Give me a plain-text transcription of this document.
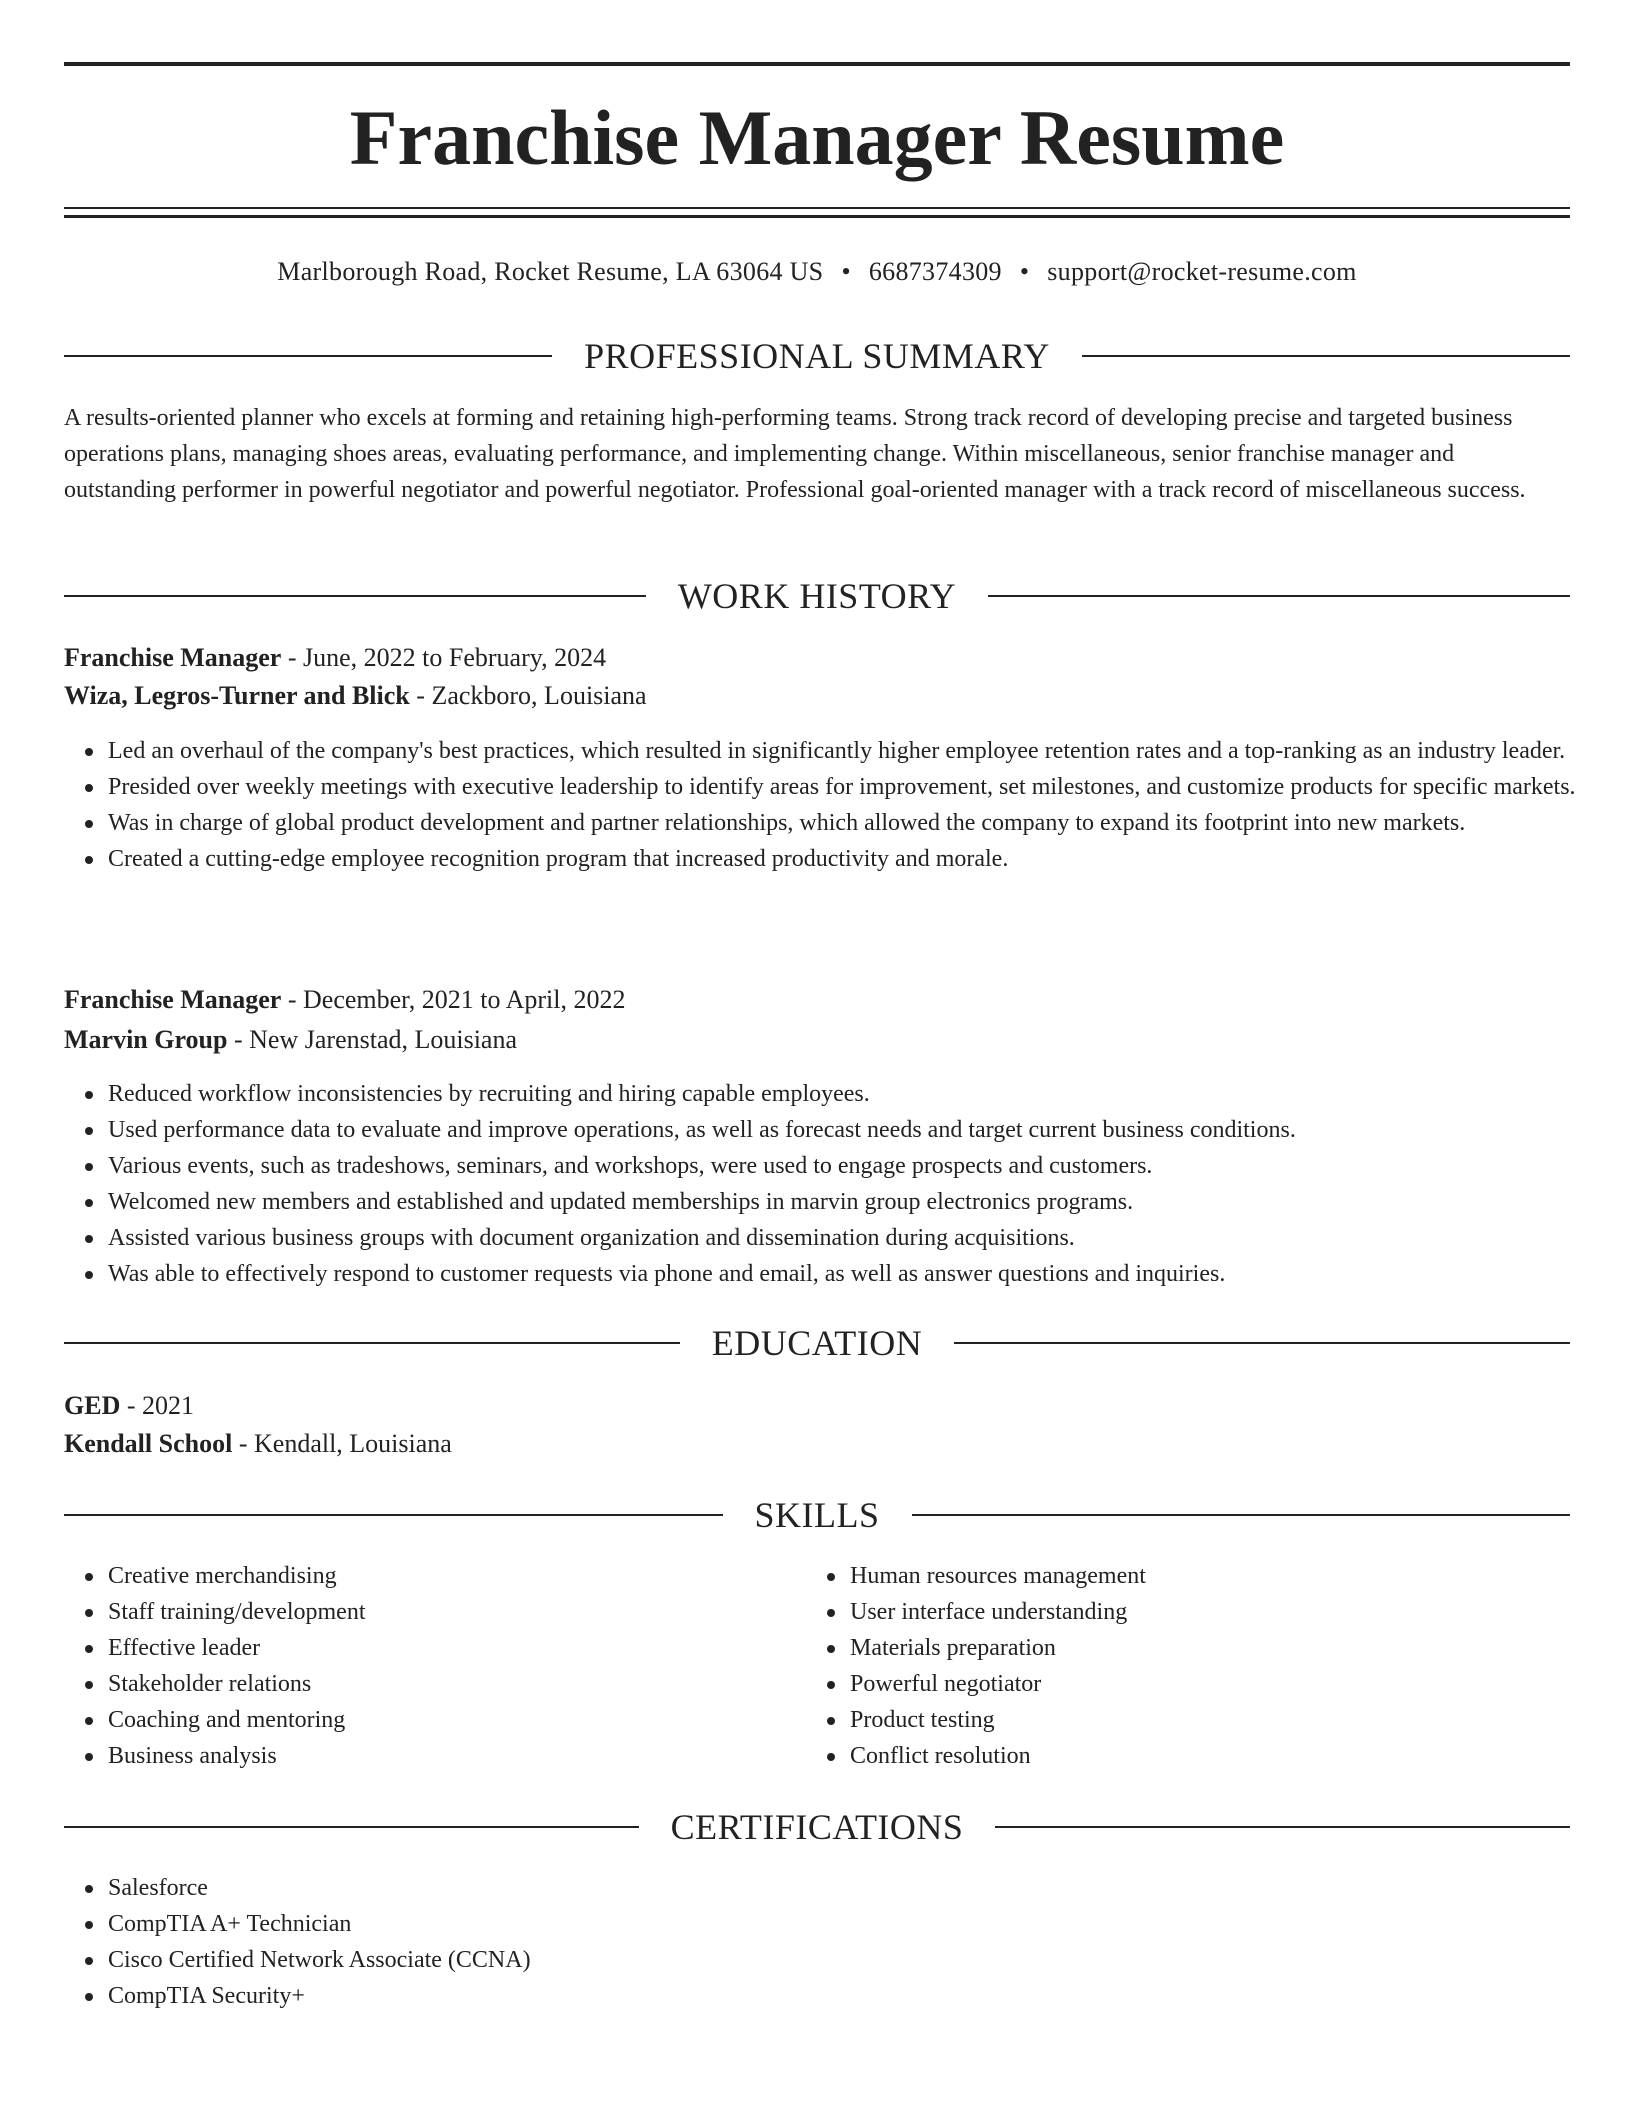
Franchise Manager Resume
Marlborough Road, Rocket Resume, LA 63064 US • 6687374309 • support@rocket-resume.com
PROFESSIONAL SUMMARY

A results-oriented planner who excels at forming and retaining high-performing teams. Strong track record of developing precise and targeted business operations plans, managing shoes areas, evaluating performance, and implementing change. Within miscellaneous, senior franchise manager and outstanding performer in powerful negotiator and powerful negotiator. Professional goal-oriented manager with a track record of miscellaneous success.

WORK HISTORY
Franchise Manager - June, 2022 to February, 2024
Wiza, Legros-Turner and Blick - Zackboro, Louisiana
Led an overhaul of the company's best practices, which resulted in significantly higher employee retention rates and a top-ranking as an industry leader.
Presided over weekly meetings with executive leadership to identify areas for improvement, set milestones, and customize products for specific markets.
Was in charge of global product development and partner relationships, which allowed the company to expand its footprint into new markets.
Created a cutting-edge employee recognition program that increased productivity and morale.
Franchise Manager - December, 2021 to April, 2022
Marvin Group - New Jarenstad, Louisiana
Reduced workflow inconsistencies by recruiting and hiring capable employees.
Used performance data to evaluate and improve operations, as well as forecast needs and target current business conditions.
Various events, such as tradeshows, seminars, and workshops, were used to engage prospects and customers.
Welcomed new members and established and updated memberships in marvin group electronics programs.
Assisted various business groups with document organization and dissemination during acquisitions.
Was able to effectively respond to customer requests via phone and email, as well as answer questions and inquiries.
EDUCATION
GED - 2021
Kendall School - Kendall, Louisiana
SKILLS
Creative merchandising
Staff training/development
Effective leader
Stakeholder relations
Coaching and mentoring
Business analysis
Human resources management
User interface understanding
Materials preparation
Powerful negotiator
Product testing
Conflict resolution
CERTIFICATIONS
Salesforce
CompTIA A+ Technician
Cisco Certified Network Associate (CCNA)
CompTIA Security+
